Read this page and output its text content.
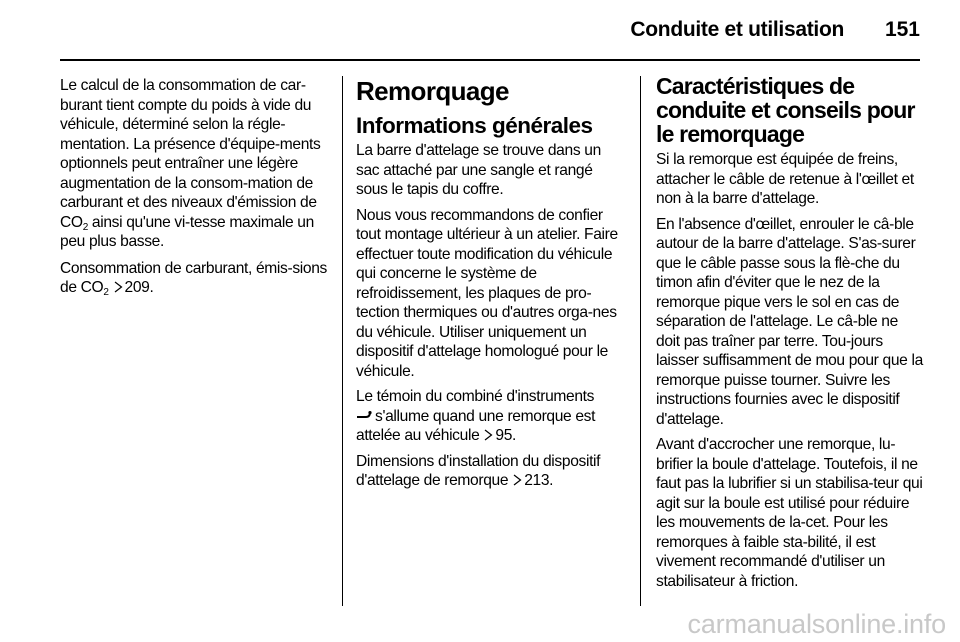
Conduite et utilisation 151

Le calcul de la consommation de car-burant tient compte du poids à vide du véhicule, déterminé selon la régle-mentation. La présence d'équipe-ments optionnels peut entraîner une légère augmentation de la consom-mation de carburant et des niveaux d'émission de $CO_2$ ainsi qu'une vi-tesse maximale un peu plus basse.

Consommation de carburant, émis-sions de $CO_2$ 209.

Remorquage
Informations générales

La barre d'attelage se trouve dans un sac attaché par une sangle et rangé sous le tapis du coffre.

Nous vous recommandons de confier tout montage ultérieur à un atelier. Faire effectuer toute modification du véhicule qui concerne le système de refroidissement, les plaques de pro-tection thermiques ou d'autres orga-nes du véhicule. Utiliser uniquement un dispositif d'attelage homologué pour le véhicule.

Le témoin du combiné d'instruments
s'allume quand une remorque est attelée au véhicule 95.

Dimensions d'installation du dispositif d'attelage de remorque 213.

Caractéristiques de conduite et conseils pour le remorquage

Si la remorque est équipée de freins, attacher le câble de retenue à l'œillet et non à la barre d'attelage.

En l'absence d'œillet, enrouler le câ-ble autour de la barre d'attelage. S'as-surer que le câble passe sous la flè-che du timon afin d'éviter que le nez de la remorque pique vers le sol en cas de séparation de l'attelage. Le câ-ble ne doit pas traîner par terre. Tou-jours laisser suffisamment de mou pour que la remorque puisse tourner. Suivre les instructions fournies avec le dispositif d'attelage.

Avant d'accrocher une remorque, lu-brifier la boule d'attelage. Toutefois, il ne faut pas la lubrifier si un stabilisa-teur qui agit sur la boule est utilisé pour réduire les mouvements de la-cet. Pour les remorques à faible sta-bilité, il est vivement recommandé d'utiliser un stabilisateur à friction.

carmanualsonline.info
